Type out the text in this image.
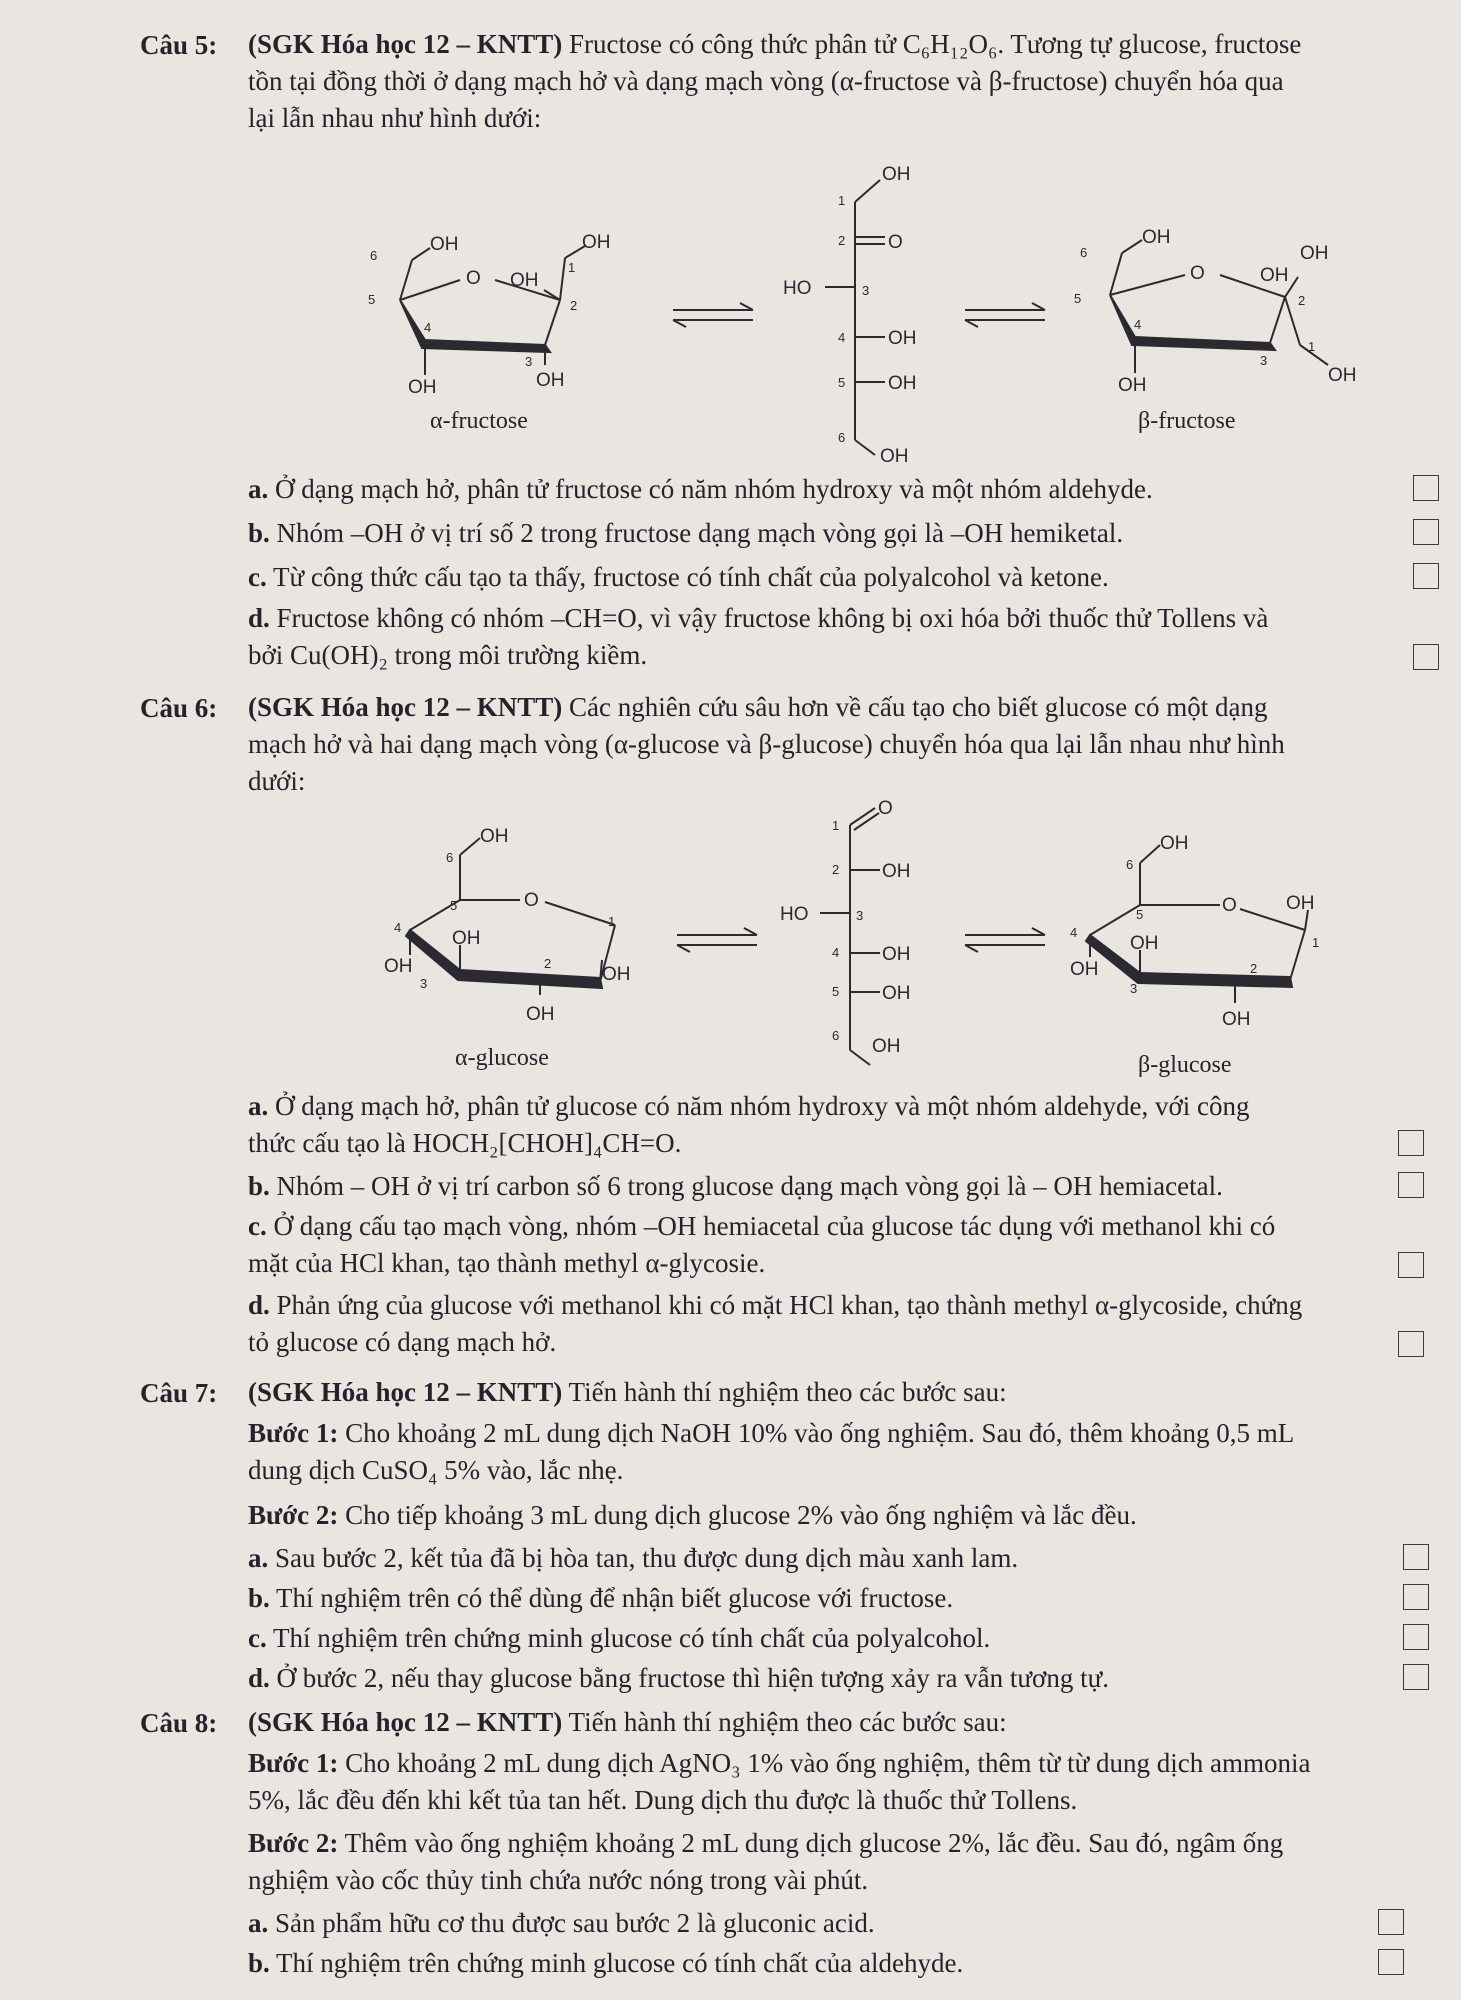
Câu 5: (SGK Hóa học 12 – KNTT) Fructose có công thức phân tử C₆H₁₂O₆. Tương tự glucose, fructose
tồn tại đồng thời ở dạng mạch hở và dạng mạch vòng (α-fructose và β-fructose) chuyển hóa qua
lại lẫn nhau như hình dưới:
OH
O OH
OH
OH	OH
6
5
4
3
2
1
α-fructose
OH
O
HO
OH
OH
OH
1
2
3
4
5
6
OH
O	OH
OH
OH
OH
6
5
4
3
2
1
β-fructose
a. Ở dạng mạch hở, phân tử fructose có năm nhóm hydroxy và một nhóm aldehyde.
b. Nhóm –OH ở vị trí số 2 trong fructose dạng mạch vòng gọi là –OH hemiketal.
c. Từ công thức cấu tạo ta thấy, fructose có tính chất của polyalcohol và ketone.
d. Fructose không có nhóm –CH=O, vì vậy fructose không bị oxi hóa bởi thuốc thử Tollens và
bởi Cu(OH)₂ trong môi trường kiềm.
Câu 6: (SGK Hóa học 12 – KNTT) Các nghiên cứu sâu hơn về cấu tạo cho biết glucose có một dạng
mạch hở và hai dạng mạch vòng (α-glucose và β-glucose) chuyển hóa qua lại lẫn nhau như hình
dưới:
OH
O
OH
OH	OH
OH
6
5
4
3
2
1
α-glucose
O
OH
HO
OH
OH
OH
1
2
3
4
5
6
OH
O	OH
OH
OH
OH
6
5
4
3
2
1
β-glucose
a. Ở dạng mạch hở, phân tử glucose có năm nhóm hydroxy và một nhóm aldehyde, với công
thức cấu tạo là HOCH₂[CHOH]₄CH=O.
b. Nhóm – OH ở vị trí carbon số 6 trong glucose dạng mạch vòng gọi là – OH hemiacetal.
c. Ở dạng cấu tạo mạch vòng, nhóm –OH hemiacetal của glucose tác dụng với methanol khi có
mặt của HCl khan, tạo thành methyl α-glycosie.
d. Phản ứng của glucose với methanol khi có mặt HCl khan, tạo thành methyl α-glycoside, chứng
tỏ glucose có dạng mạch hở.
Câu 7: (SGK Hóa học 12 – KNTT) Tiến hành thí nghiệm theo các bước sau:
Bước 1: Cho khoảng 2 mL dung dịch NaOH 10% vào ống nghiệm. Sau đó, thêm khoảng 0,5 mL
dung dịch CuSO₄ 5% vào, lắc nhẹ.
Bước 2: Cho tiếp khoảng 3 mL dung dịch glucose 2% vào ống nghiệm và lắc đều.
a. Sau bước 2, kết tủa đã bị hòa tan, thu được dung dịch màu xanh lam.
b. Thí nghiệm trên có thể dùng để nhận biết glucose với fructose.
c. Thí nghiệm trên chứng minh glucose có tính chất của polyalcohol.
d. Ở bước 2, nếu thay glucose bằng fructose thì hiện tượng xảy ra vẫn tương tự.
Câu 8: (SGK Hóa học 12 – KNTT) Tiến hành thí nghiệm theo các bước sau:
Bước 1: Cho khoảng 2 mL dung dịch AgNO₃ 1% vào ống nghiệm, thêm từ từ dung dịch ammonia
5%, lắc đều đến khi kết tủa tan hết. Dung dịch thu được là thuốc thử Tollens.
Bước 2: Thêm vào ống nghiệm khoảng 2 mL dung dịch glucose 2%, lắc đều. Sau đó, ngâm ống
nghiệm vào cốc thủy tinh chứa nước nóng trong vài phút.
a. Sản phẩm hữu cơ thu được sau bước 2 là gluconic acid.
b. Thí nghiệm trên chứng minh glucose có tính chất của aldehyde.
